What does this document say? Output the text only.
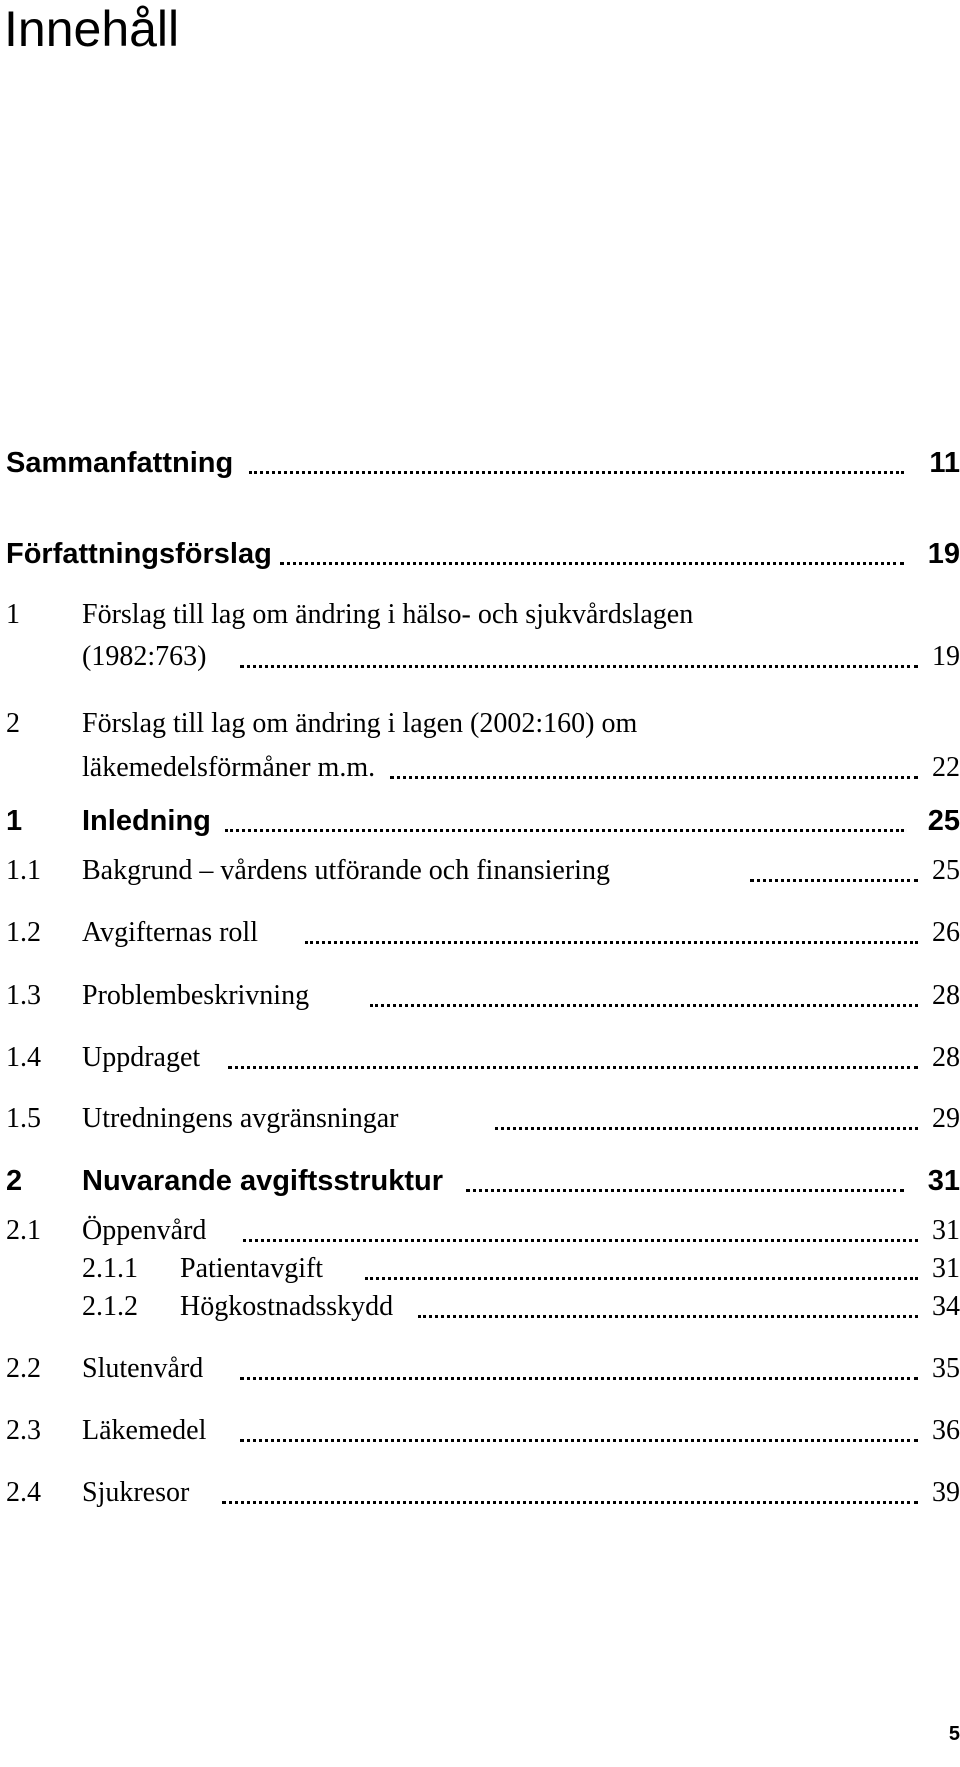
Innehåll
Sammanfattning	11
Författningsförslag	19
1 Förslag till lag om ändring i hälso- och sjukvårdslagen
(1982:763)	19
2 Förslag till lag om ändring i lagen (2002:160) om
läkemedelsförmåner m.m.	22
1 Inledning	25
1.1 Bakgrund – vårdens utförande och finansiering	25
1.2 Avgifternas roll	26
1.3 Problembeskrivning	28
1.4 Uppdraget	28
1.5 Utredningens avgränsningar	29
2 Nuvarande avgiftsstruktur	31
2.1 Öppenvård	31
2.1.1 Patientavgift	31
2.1.2 Högkostnadsskydd	34
2.2 Slutenvård	35
2.3 Läkemedel	36
2.4 Sjukresor	39
5
